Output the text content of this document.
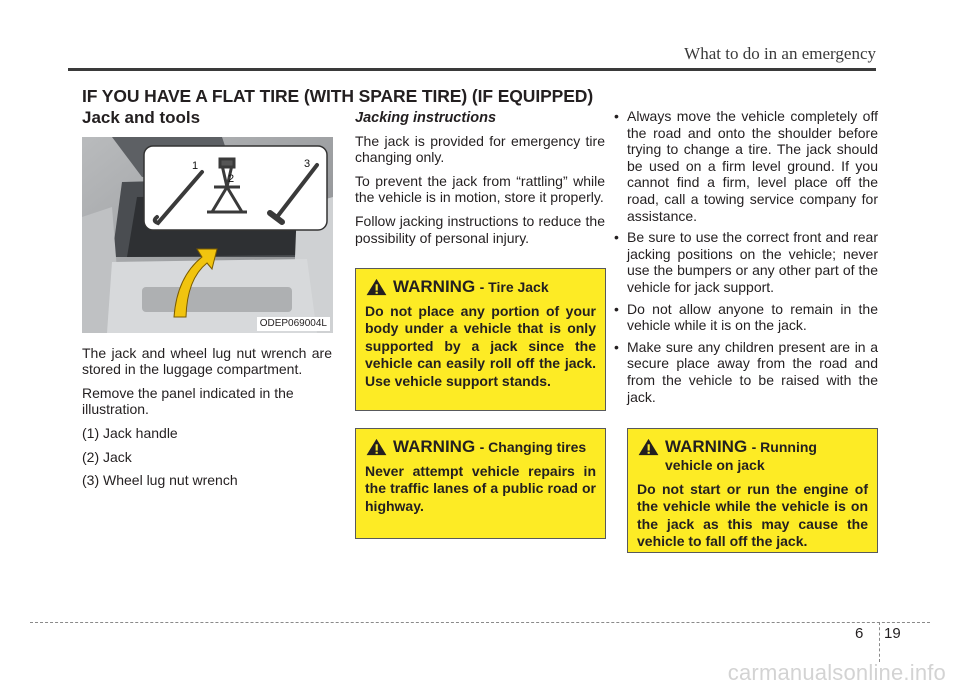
What to do in an emergency
IF YOU HAVE A FLAT TIRE (WITH SPARE TIRE) (IF EQUIPPED)

Jack and tools

1
2
3
ODEP069004L

The jack and wheel lug nut wrench are stored in the luggage compartment.

Remove the panel indicated in the illustration.

(1) Jack handle

(2) Jack

(3) Wheel lug nut wrench

Jacking instructions

The jack is provided for emergency tire changing only.

To prevent the jack from “rattling” while the vehicle is in motion, store it properly.

Follow jacking instructions to reduce the possibility of personal injury.

• Always move the vehicle completely off the road and onto the shoulder before trying to change a tire. The jack should be used on a firm level ground. If you cannot find a firm, level place off the road, call a towing service company for assistance.
• Be sure to use the correct front and rear jacking positions on the vehicle; never use the bumpers or any other part of the vehicle for jack support.
• Do not allow anyone to remain in the vehicle while it is on the jack.
• Make sure any children present are in a secure place away from the road and from the vehicle to be raised with the jack.
WARNING - Tire Jack
Do not place any portion of your body under a vehicle that is only supported by a jack since the vehicle can easily roll off the jack. Use vehicle support stands.
WARNING - Changing tires
Never attempt vehicle repairs in the traffic lanes of a public road or highway.
WARNING - Running vehicle on jack
Do not start or run the engine of the vehicle while the vehicle is on the jack as this may cause the vehicle to fall off the jack.
6 19
carmanualsonline.info
